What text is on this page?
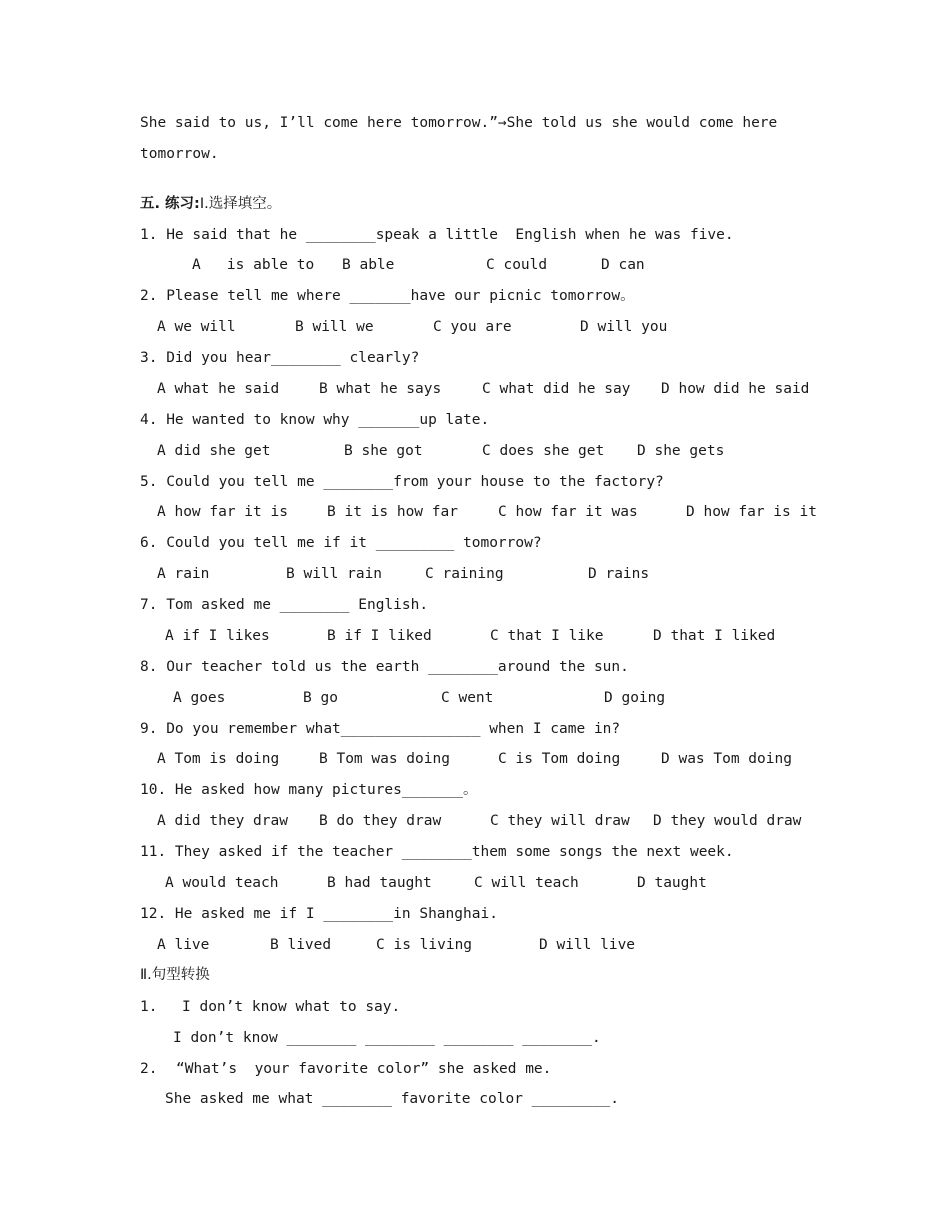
She said to us, I’ll come here tomorrow.”→She told us she would come here
tomorrow.
五. 练习:Ⅰ.选择填空。
1. He said that he ________speak a little  English when he was five.
A   is able to B able	C could	D can
2. Please tell me where _______have our picnic tomorrow。
A we will	B will we	C you are	D will you
3. Did you hear________ clearly?
A what he said	B what he says	C what did he say D how did he said
4. He wanted to know why _______up late.
A did she get	B she got	C does she get D she gets
5. Could you tell me ________from your house to the factory?
A how far it is	B it is how far	C how far it was	D how far is it
6. Could you tell me if it _________ tomorrow?
A rain	B will rain	C raining	D rains
7. Tom asked me ________ English.
A if I likes	B if I liked	C that I like	D that I liked
8. Our teacher told us the earth ________around the sun.
A goes	B go	C went	D going
9. Do you remember what________________ when I came in?
A Tom is doing	B Tom was doing	C is Tom doing	D was Tom doing
10. He asked how many pictures_______。
A did they draw B do they draw	C they will draw D they would draw
11. They asked if the teacher ________them some songs the next week.
A would teach	B had taught	C will teach	D taught
12. He asked me if I ________in Shanghai.
A live	B lived	C is living	D will live
Ⅱ.句型转换
1. I don’t know what to say.
I don’t know ________ ________ ________ ________.
2. “What’s  your favorite color” she asked me.
She asked me what ________ favorite color _________.
